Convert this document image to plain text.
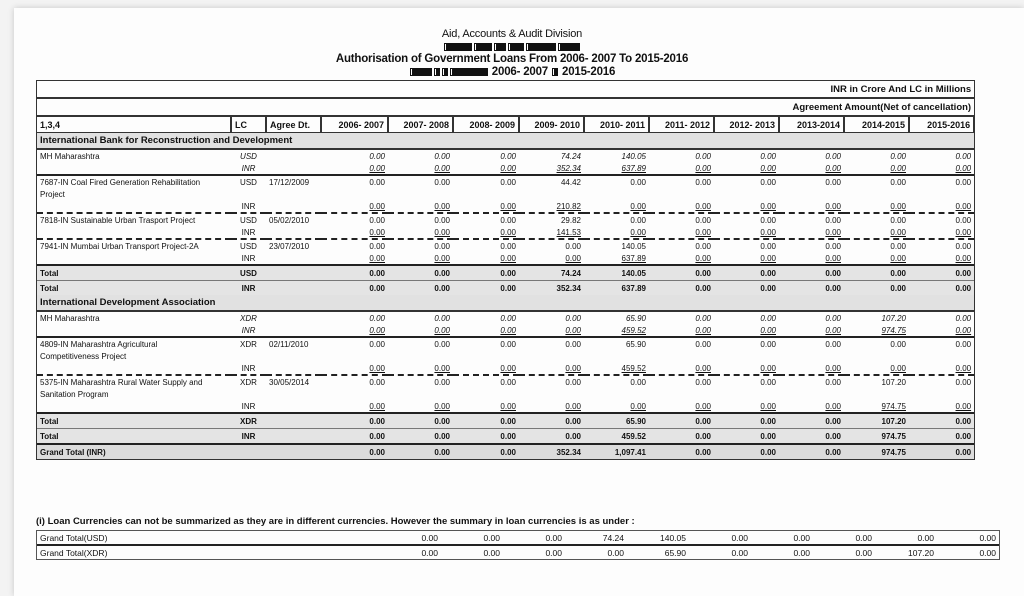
Aid, Accounts & Audit Division
Authorisation of Government Loans From 2006- 2007 To 2015-2016
2006- 2007 2015-2016
INR in Crore And LC in Millions												
Agreement Amount(Net of cancellation)												
1,3,4	LC	Agree Dt.	2006- 2007	2007- 2008	2008- 2009	2009- 2010	2010- 2011	2011- 2012	2012- 2013	2013-2014	2014-2015	2015-2016
International Bank for Reconstruction and Development												
MH Maharashtra	USD		0.00	0.00	0.00	74.24	140.05	0.00	0.00	0.00	0.00	0.00
	INR		0.00	0.00	0.00	352.34	637.89	0.00	0.00	0.00	0.00	0.00
7687-IN Coal Fired Generation Rehabilitation	USD	17/12/2009	0.00	0.00	0.00	44.42	0.00	0.00	0.00	0.00	0.00	0.00
Project												
	INR		0.00	0.00	0.00	210.82	0.00	0.00	0.00	0.00	0.00	0.00
7818-IN Sustainable Urban Trasport Project	USD	05/02/2010	0.00	0.00	0.00	29.82	0.00	0.00	0.00	0.00	0.00	0.00
	INR		0.00	0.00	0.00	141.53	0.00	0.00	0.00	0.00	0.00	0.00
7941-IN Mumbai Urban Transport Project-2A	USD	23/07/2010	0.00	0.00	0.00	0.00	140.05	0.00	0.00	0.00	0.00	0.00
	INR		0.00	0.00	0.00	0.00	637.89	0.00	0.00	0.00	0.00	0.00
Total	USD		0.00	0.00	0.00	74.24	140.05	0.00	0.00	0.00	0.00	0.00
Total	INR		0.00	0.00	0.00	352.34	637.89	0.00	0.00	0.00	0.00	0.00
International Development Association												
MH Maharashtra	XDR		0.00	0.00	0.00	0.00	65.90	0.00	0.00	0.00	107.20	0.00
	INR		0.00	0.00	0.00	0.00	459.52	0.00	0.00	0.00	974.75	0.00
4809-IN Maharashtra Agricultural	XDR	02/11/2010	0.00	0.00	0.00	0.00	65.90	0.00	0.00	0.00	0.00	0.00
Competitiveness Project												
	INR		0.00	0.00	0.00	0.00	459.52	0.00	0.00	0.00	0.00	0.00
5375-IN Maharashtra Rural Water Supply and	XDR	30/05/2014	0.00	0.00	0.00	0.00	0.00	0.00	0.00	0.00	107.20	0.00
Sanitation Program												
	INR		0.00	0.00	0.00	0.00	0.00	0.00	0.00	0.00	974.75	0.00
Total	XDR		0.00	0.00	0.00	0.00	65.90	0.00	0.00	0.00	107.20	0.00
Total	INR		0.00	0.00	0.00	0.00	459.52	0.00	0.00	0.00	974.75	0.00
Grand Total (INR)			0.00	0.00	0.00	352.34	1,097.41	0.00	0.00	0.00	974.75	0.00
(i) Loan Currencies can not be summarized as they are in different currencies. However the summary in loan currencies is as under :
Grand Total(USD)	0.00	0.00	0.00	74.24	140.05	0.00	0.00	0.00	0.00	0.00
Grand Total(XDR)	0.00	0.00	0.00	0.00	65.90	0.00	0.00	0.00	107.20	0.00
